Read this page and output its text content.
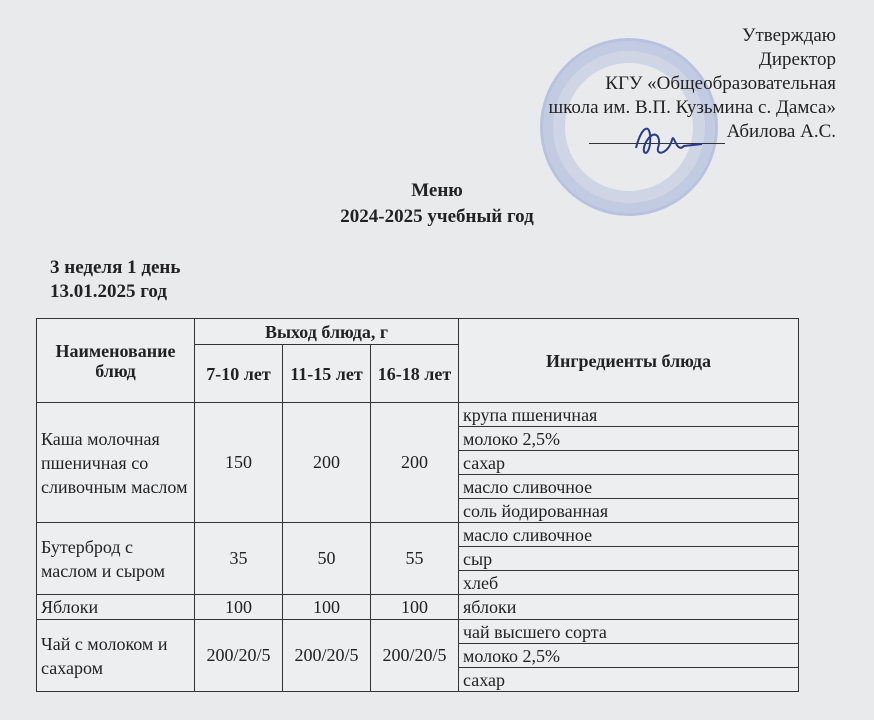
Утверждаю
Директор
КГУ «Общеобразовательная
школа им. В.П. Кузьмина с. Дамса»
Абилова А.С.
Меню
2024-2025 учебный год
3 неделя 1 день
13.01.2025 год
Наименование блюд	Выход блюда, г			Ингредиенты блюда
	7-10 лет	11-15 лет	16-18 лет	
Каша молочная пшеничная со сливочным маслом	150	200	200	крупа пшеничная
				молоко 2,5%
				сахар
				масло сливочное
				соль йодированная
Бутерброд с маслом и сыром	35	50	55	масло сливочное
				сыр
				хлеб
Яблоки	100	100	100	яблоки
Чай с молоком и сахаром	200/20/5	200/20/5	200/20/5	чай высшего сорта
				молоко 2,5%
				сахар
